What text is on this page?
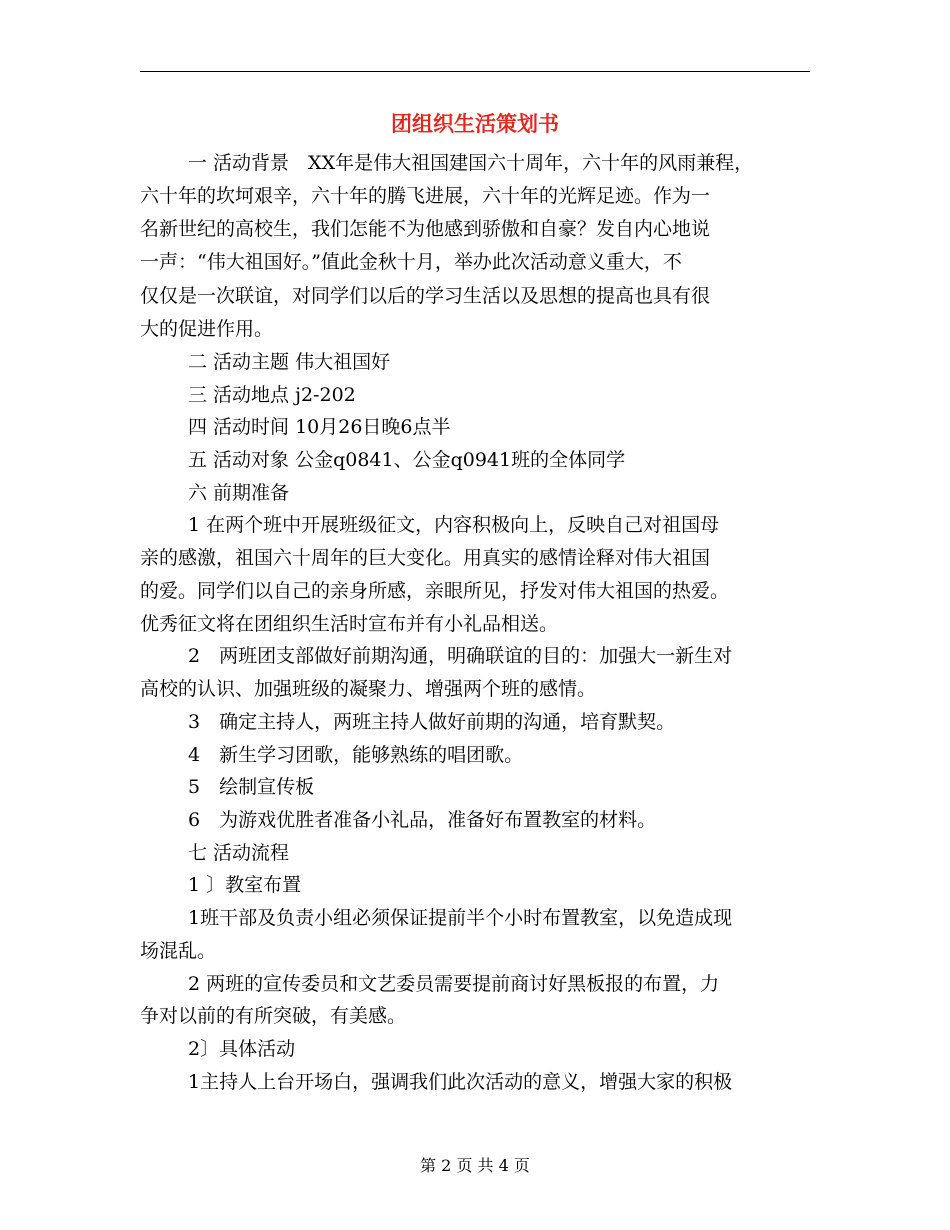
团组织生活策划书
一 活动背景　XX年是伟大祖国建国六十周年，六十年的风雨兼程，
六十年的坎坷艰辛，六十年的腾飞进展，六十年的光辉足迹。作为一
名新世纪的高校生，我们怎能不为他感到骄傲和自豪？发自内心地说
一声：“伟大祖国好。”值此金秋十月，举办此次活动意义重大，不
仅仅是一次联谊，对同学们以后的学习生活以及思想的提高也具有很
大的促进作用。
二 活动主题 伟大祖国好
三 活动地点 j2-202
四 活动时间 10月26日晚6点半
五 活动对象 公金q0841、公金q0941班的全体同学
六 前期准备
1 在两个班中开展班级征文，内容积极向上，反映自己对祖国母
亲的感激，祖国六十周年的巨大变化。用真实的感情诠释对伟大祖国
的爱。同学们以自己的亲身所感，亲眼所见，抒发对伟大祖国的热爱。
优秀征文将在团组织生活时宣布并有小礼品相送。
2　两班团支部做好前期沟通，明确联谊的目的：加强大一新生对
高校的认识、加强班级的凝聚力、增强两个班的感情。
3　确定主持人，两班主持人做好前期的沟通，培育默契。
4　新生学习团歌，能够熟练的唱团歌。
5　绘制宣传板
6　为游戏优胜者准备小礼品，准备好布置教室的材料。
七 活动流程
1 〕教室布置
1班干部及负责小组必须保证提前半个小时布置教室，以免造成现
场混乱。
2 两班的宣传委员和文艺委员需要提前商讨好黑板报的布置，力
争对以前的有所突破，有美感。
2〕具体活动
1主持人上台开场白，强调我们此次活动的意义，增强大家的积极
第 2 页 共 4 页
